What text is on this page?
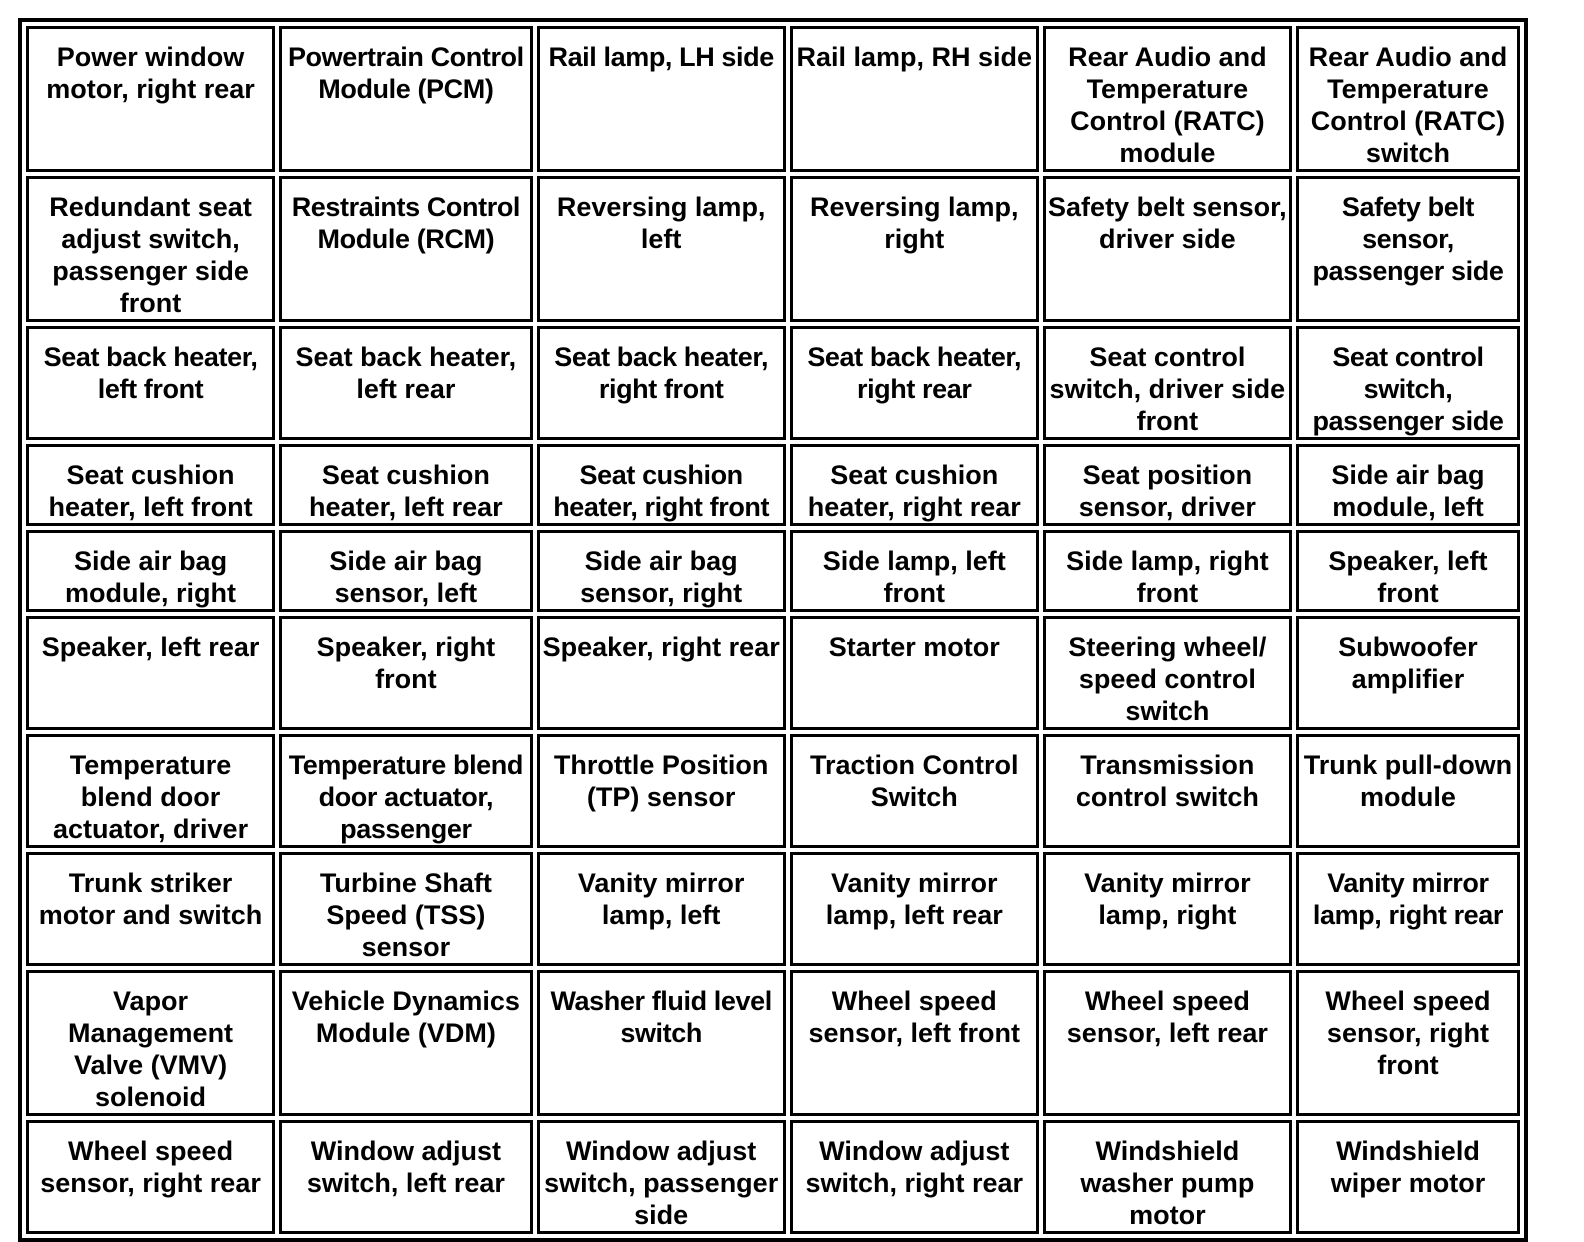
Power window motor, right rear	Powertrain Control Module (PCM)	Rail lamp, LH side	Rail lamp, RH side	Rear Audio and Temperature Control (RATC) module	Rear Audio and Temperature Control (RATC) switch
Redundant seat adjust switch, passenger side front	Restraints Control Module (RCM)	Reversing lamp, left	Reversing lamp, right	Safety belt sensor, driver side	Safety belt sensor, passenger side
Seat back heater, left front	Seat back heater, left rear	Seat back heater, right front	Seat back heater, right rear	Seat control switch, driver side front	Seat control switch, passenger side
Seat cushion heater, left front	Seat cushion heater, left rear	Seat cushion heater, right front	Seat cushion heater, right rear	Seat position sensor, driver	Side air bag module, left
Side air bag module, right	Side air bag sensor, left	Side air bag sensor, right	Side lamp, left front	Side lamp, right front	Speaker, left front
Speaker, left rear	Speaker, right front	Speaker, right rear	Starter motor	Steering wheel/ speed control switch	Subwoofer amplifier
Temperature blend door actuator, driver	Temperature blend door actuator, passenger	Throttle Position (TP) sensor	Traction Control Switch	Transmission control switch	Trunk pull-down module
Trunk striker motor and switch	Turbine Shaft Speed (TSS) sensor	Vanity mirror lamp, left	Vanity mirror lamp, left rear	Vanity mirror lamp, right	Vanity mirror lamp, right rear
Vapor Management Valve (VMV) solenoid	Vehicle Dynamics Module (VDM)	Washer fluid level switch	Wheel speed sensor, left front	Wheel speed sensor, left rear	Wheel speed sensor, right front
Wheel speed sensor, right rear	Window adjust switch, left rear	Window adjust switch, passenger side	Window adjust switch, right rear	Windshield washer pump motor	Windshield wiper motor
